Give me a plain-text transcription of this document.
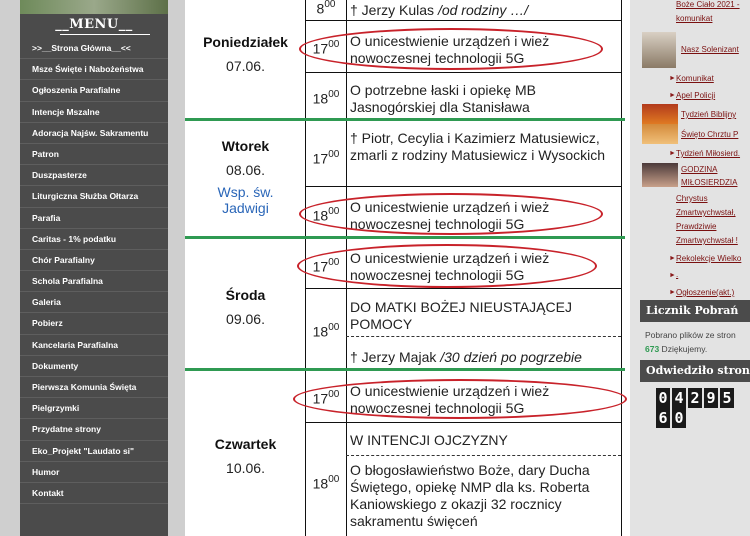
__MENU__
>>__Strona Główna__<<
Msze Święte i Nabożeństwa
Ogłoszenia Parafialne
Intencje Mszalne
Adoracja Najśw. Sakramentu
Patron
Duszpasterze
Liturgiczna Służba Ołtarza
Parafia
Caritas - 1% podatku
Chór Parafialny
Schola Parafialna
Galeria
Pobierz
Kancelaria Parafialna
Dokumenty
Pierwsza Komunia Święta
Pielgrzymki
Przydatne strony
Eko_Projekt "Laudato si"
Humor
Kontakt
Poniedziałek
07.06.
Wtorek
08.06.
Wsp. św. Jadwigi
Środa
09.06.
Czwartek
10.06.
$8^{00}$
$17^{00}$
$18^{00}$
$17^{00}$
$18^{00}$
$17^{00}$
$18^{00}$
$17^{00}$
$18^{00}$
† Jerzy Kulas /od rodziny …/
O unicestwienie urządzeń i wież nowoczesnej technologii 5G
O potrzebne łaski i opiekę MB Jasnogórskiej dla Stanisława
† Piotr, Cecylia i Kazimierz Matusiewicz, zmarli z rodziny Matusiewicz i Wysockich
O unicestwienie urządzeń i wież nowoczesnej technologii 5G
O unicestwienie urządzeń i wież nowoczesnej technologii 5G
DO MATKI BOŻEJ NIEUSTAJĄCEJ POMOCY
† Jerzy Majak /30 dzień po pogrzebie
O unicestwienie urządzeń i wież nowoczesnej technologii 5G
W INTENCJI OJCZYZNY
O błogosławieństwo Boże, dary Ducha Świętego, opiekę NMP dla ks. Roberta Kaniowskiego z okazji 32 rocznicy sakramentu święceń
Boże Ciało 2021 -
komunikat
Nasz Solenizant
► Komunikat
► Apel Policji
Tydzień Biblijny
Święto Chrztu P
► Tydzień Miłosierd.
GODZINA
MIŁOSIERDZIA
Chrystus
Zmartwychwstał,
Prawdziwie
Zmartwychwstał !
► Rekolekcje Wielko
► .
► Ogłoszenie(akt.)
Licznik Pobrań
Pobrano plików ze stron
673 Dziękujemy.
Odwiedziło stron
0 4 2 9 56 0
